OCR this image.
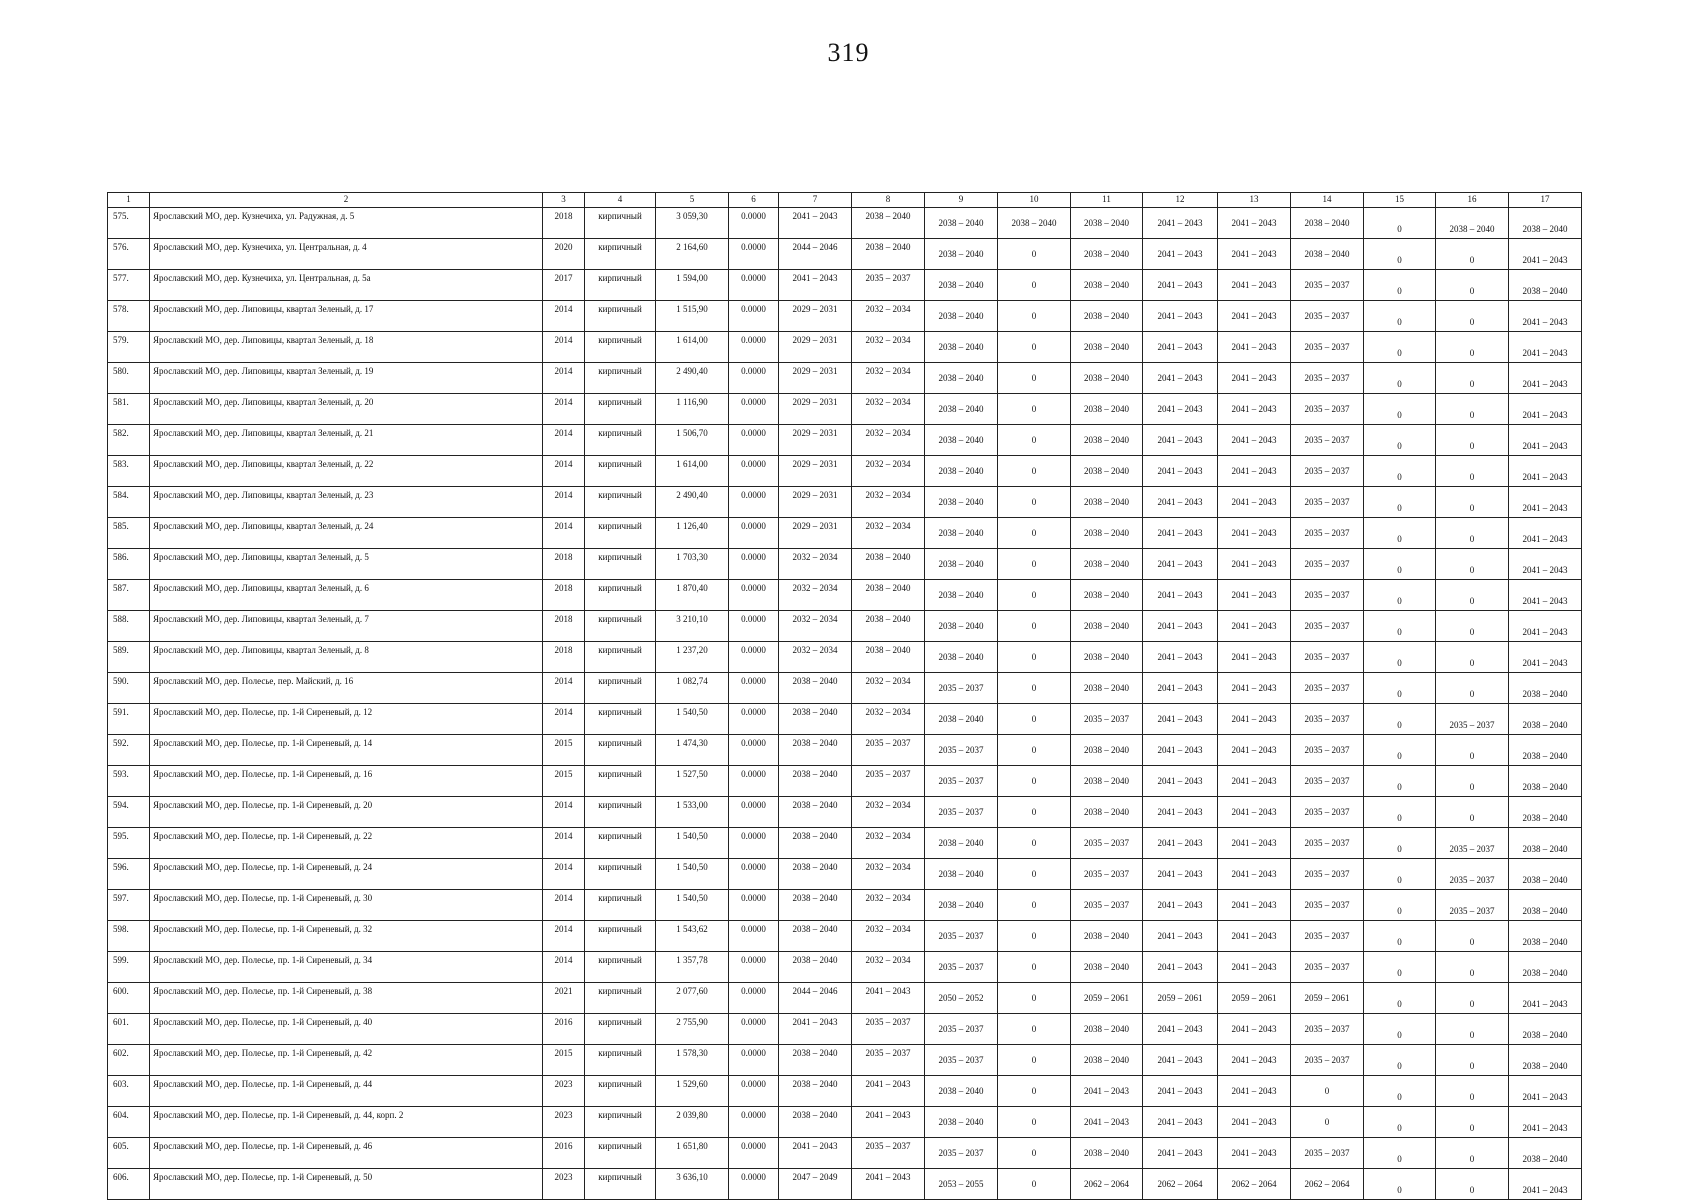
319
1	2	3	4	5	6	7	8	9	10	11	12	13	14	15	16	17
575.	Ярославский МО, дер. Кузнечиха, ул. Радужная, д. 5	2018	кирпичный	3 059,30	0.0000	2041 – 2043	2038 – 2040	2038 – 2040	2038 – 2040	2038 – 2040	2041 – 2043	2041 – 2043	2038 – 2040	0	2038 – 2040	2038 – 2040
576.	Ярославский МО, дер. Кузнечиха, ул. Центральная, д. 4	2020	кирпичный	2 164,60	0.0000	2044 – 2046	2038 – 2040	2038 – 2040	0	2038 – 2040	2041 – 2043	2041 – 2043	2038 – 2040	0	0	2041 – 2043
577.	Ярославский МО, дер. Кузнечиха, ул. Центральная, д. 5а	2017	кирпичный	1 594,00	0.0000	2041 – 2043	2035 – 2037	2038 – 2040	0	2038 – 2040	2041 – 2043	2041 – 2043	2035 – 2037	0	0	2038 – 2040
578.	Ярославский МО, дер. Липовицы, квартал Зеленый, д. 17	2014	кирпичный	1 515,90	0.0000	2029 – 2031	2032 – 2034	2038 – 2040	0	2038 – 2040	2041 – 2043	2041 – 2043	2035 – 2037	0	0	2041 – 2043
579.	Ярославский МО, дер. Липовицы, квартал Зеленый, д. 18	2014	кирпичный	1 614,00	0.0000	2029 – 2031	2032 – 2034	2038 – 2040	0	2038 – 2040	2041 – 2043	2041 – 2043	2035 – 2037	0	0	2041 – 2043
580.	Ярославский МО, дер. Липовицы, квартал Зеленый, д. 19	2014	кирпичный	2 490,40	0.0000	2029 – 2031	2032 – 2034	2038 – 2040	0	2038 – 2040	2041 – 2043	2041 – 2043	2035 – 2037	0	0	2041 – 2043
581.	Ярославский МО, дер. Липовицы, квартал Зеленый, д. 20	2014	кирпичный	1 116,90	0.0000	2029 – 2031	2032 – 2034	2038 – 2040	0	2038 – 2040	2041 – 2043	2041 – 2043	2035 – 2037	0	0	2041 – 2043
582.	Ярославский МО, дер. Липовицы, квартал Зеленый, д. 21	2014	кирпичный	1 506,70	0.0000	2029 – 2031	2032 – 2034	2038 – 2040	0	2038 – 2040	2041 – 2043	2041 – 2043	2035 – 2037	0	0	2041 – 2043
583.	Ярославский МО, дер. Липовицы, квартал Зеленый, д. 22	2014	кирпичный	1 614,00	0.0000	2029 – 2031	2032 – 2034	2038 – 2040	0	2038 – 2040	2041 – 2043	2041 – 2043	2035 – 2037	0	0	2041 – 2043
584.	Ярославский МО, дер. Липовицы, квартал Зеленый, д. 23	2014	кирпичный	2 490,40	0.0000	2029 – 2031	2032 – 2034	2038 – 2040	0	2038 – 2040	2041 – 2043	2041 – 2043	2035 – 2037	0	0	2041 – 2043
585.	Ярославский МО, дер. Липовицы, квартал Зеленый, д. 24	2014	кирпичный	1 126,40	0.0000	2029 – 2031	2032 – 2034	2038 – 2040	0	2038 – 2040	2041 – 2043	2041 – 2043	2035 – 2037	0	0	2041 – 2043
586.	Ярославский МО, дер. Липовицы, квартал Зеленый, д. 5	2018	кирпичный	1 703,30	0.0000	2032 – 2034	2038 – 2040	2038 – 2040	0	2038 – 2040	2041 – 2043	2041 – 2043	2035 – 2037	0	0	2041 – 2043
587.	Ярославский МО, дер. Липовицы, квартал Зеленый, д. 6	2018	кирпичный	1 870,40	0.0000	2032 – 2034	2038 – 2040	2038 – 2040	0	2038 – 2040	2041 – 2043	2041 – 2043	2035 – 2037	0	0	2041 – 2043
588.	Ярославский МО, дер. Липовицы, квартал Зеленый, д. 7	2018	кирпичный	3 210,10	0.0000	2032 – 2034	2038 – 2040	2038 – 2040	0	2038 – 2040	2041 – 2043	2041 – 2043	2035 – 2037	0	0	2041 – 2043
589.	Ярославский МО, дер. Липовицы, квартал Зеленый, д. 8	2018	кирпичный	1 237,20	0.0000	2032 – 2034	2038 – 2040	2038 – 2040	0	2038 – 2040	2041 – 2043	2041 – 2043	2035 – 2037	0	0	2041 – 2043
590.	Ярославский МО, дер. Полесье, пер. Майский, д. 16	2014	кирпичный	1 082,74	0.0000	2038 – 2040	2032 – 2034	2035 – 2037	0	2038 – 2040	2041 – 2043	2041 – 2043	2035 – 2037	0	0	2038 – 2040
591.	Ярославский МО, дер. Полесье, пр. 1-й Сиреневый, д. 12	2014	кирпичный	1 540,50	0.0000	2038 – 2040	2032 – 2034	2038 – 2040	0	2035 – 2037	2041 – 2043	2041 – 2043	2035 – 2037	0	2035 – 2037	2038 – 2040
592.	Ярославский МО, дер. Полесье, пр. 1-й Сиреневый, д. 14	2015	кирпичный	1 474,30	0.0000	2038 – 2040	2035 – 2037	2035 – 2037	0	2038 – 2040	2041 – 2043	2041 – 2043	2035 – 2037	0	0	2038 – 2040
593.	Ярославский МО, дер. Полесье, пр. 1-й Сиреневый, д. 16	2015	кирпичный	1 527,50	0.0000	2038 – 2040	2035 – 2037	2035 – 2037	0	2038 – 2040	2041 – 2043	2041 – 2043	2035 – 2037	0	0	2038 – 2040
594.	Ярославский МО, дер. Полесье, пр. 1-й Сиреневый, д. 20	2014	кирпичный	1 533,00	0.0000	2038 – 2040	2032 – 2034	2035 – 2037	0	2038 – 2040	2041 – 2043	2041 – 2043	2035 – 2037	0	0	2038 – 2040
595.	Ярославский МО, дер. Полесье, пр. 1-й Сиреневый, д. 22	2014	кирпичный	1 540,50	0.0000	2038 – 2040	2032 – 2034	2038 – 2040	0	2035 – 2037	2041 – 2043	2041 – 2043	2035 – 2037	0	2035 – 2037	2038 – 2040
596.	Ярославский МО, дер. Полесье, пр. 1-й Сиреневый, д. 24	2014	кирпичный	1 540,50	0.0000	2038 – 2040	2032 – 2034	2038 – 2040	0	2035 – 2037	2041 – 2043	2041 – 2043	2035 – 2037	0	2035 – 2037	2038 – 2040
597.	Ярославский МО, дер. Полесье, пр. 1-й Сиреневый, д. 30	2014	кирпичный	1 540,50	0.0000	2038 – 2040	2032 – 2034	2038 – 2040	0	2035 – 2037	2041 – 2043	2041 – 2043	2035 – 2037	0	2035 – 2037	2038 – 2040
598.	Ярославский МО, дер. Полесье, пр. 1-й Сиреневый, д. 32	2014	кирпичный	1 543,62	0.0000	2038 – 2040	2032 – 2034	2035 – 2037	0	2038 – 2040	2041 – 2043	2041 – 2043	2035 – 2037	0	0	2038 – 2040
599.	Ярославский МО, дер. Полесье, пр. 1-й Сиреневый, д. 34	2014	кирпичный	1 357,78	0.0000	2038 – 2040	2032 – 2034	2035 – 2037	0	2038 – 2040	2041 – 2043	2041 – 2043	2035 – 2037	0	0	2038 – 2040
600.	Ярославский МО, дер. Полесье, пр. 1-й Сиреневый, д. 38	2021	кирпичный	2 077,60	0.0000	2044 – 2046	2041 – 2043	2050 – 2052	0	2059 – 2061	2059 – 2061	2059 – 2061	2059 – 2061	0	0	2041 – 2043
601.	Ярославский МО, дер. Полесье, пр. 1-й Сиреневый, д. 40	2016	кирпичный	2 755,90	0.0000	2041 – 2043	2035 – 2037	2035 – 2037	0	2038 – 2040	2041 – 2043	2041 – 2043	2035 – 2037	0	0	2038 – 2040
602.	Ярославский МО, дер. Полесье, пр. 1-й Сиреневый, д. 42	2015	кирпичный	1 578,30	0.0000	2038 – 2040	2035 – 2037	2035 – 2037	0	2038 – 2040	2041 – 2043	2041 – 2043	2035 – 2037	0	0	2038 – 2040
603.	Ярославский МО, дер. Полесье, пр. 1-й Сиреневый, д. 44	2023	кирпичный	1 529,60	0.0000	2038 – 2040	2041 – 2043	2038 – 2040	0	2041 – 2043	2041 – 2043	2041 – 2043	0	0	0	2041 – 2043
604.	Ярославский МО, дер. Полесье, пр. 1-й Сиреневый, д. 44, корп. 2	2023	кирпичный	2 039,80	0.0000	2038 – 2040	2041 – 2043	2038 – 2040	0	2041 – 2043	2041 – 2043	2041 – 2043	0	0	0	2041 – 2043
605.	Ярославский МО, дер. Полесье, пр. 1-й Сиреневый, д. 46	2016	кирпичный	1 651,80	0.0000	2041 – 2043	2035 – 2037	2035 – 2037	0	2038 – 2040	2041 – 2043	2041 – 2043	2035 – 2037	0	0	2038 – 2040
606.	Ярославский МО, дер. Полесье, пр. 1-й Сиреневый, д. 50	2023	кирпичный	3 636,10	0.0000	2047 – 2049	2041 – 2043	2053 – 2055	0	2062 – 2064	2062 – 2064	2062 – 2064	2062 – 2064	0	0	2041 – 2043
